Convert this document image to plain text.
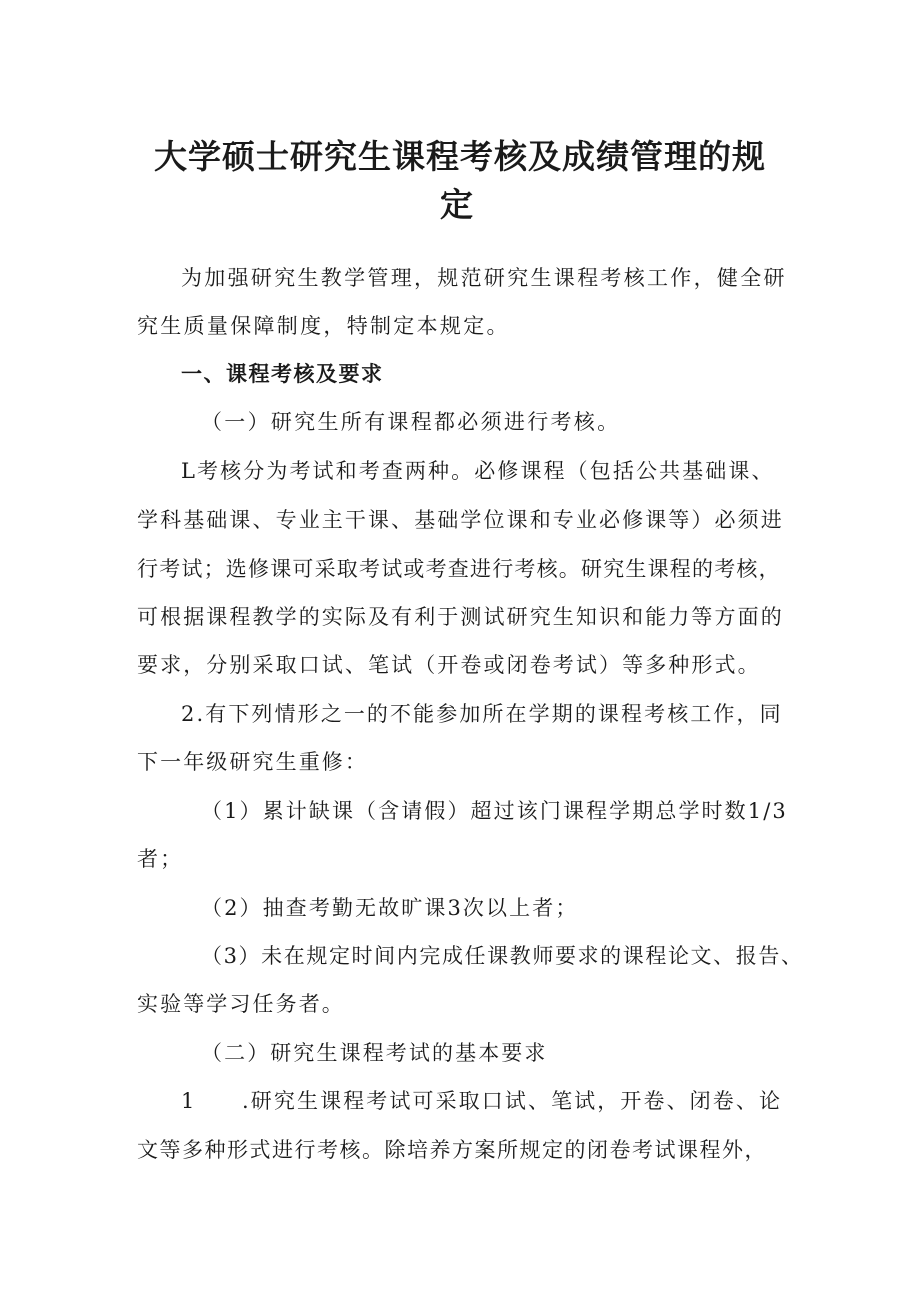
大学硕士研究生课程考核及成绩管理的规
定

为加强研究生教学管理，规范研究生课程考核工作，健全研

究生质量保障制度，特制定本规定。

一、课程考核及要求

（一）研究生所有课程都必须进行考核。

L考核分为考试和考查两种。必修课程（包括公共基础课、

学科基础课、专业主干课、基础学位课和专业必修课等）必须进

行考试；选修课可采取考试或考查进行考核。研究生课程的考核，

可根据课程教学的实际及有利于测试研究生知识和能力等方面的

要求，分别采取口试、笔试（开卷或闭卷考试）等多种形式。

2.有下列情形之一的不能参加所在学期的课程考核工作，同

下一年级研究生重修：

（1）累计缺课（含请假）超过该门课程学期总学时数1/3

者；

（2）抽查考勤无故旷课3次以上者；

（3）未在规定时间内完成任课教师要求的课程论文、报告、

实验等学习任务者。

（二）研究生课程考试的基本要求

1 .研究生课程考试可采取口试、笔试，开卷、闭卷、论

文等多种形式进行考核。除培养方案所规定的闭卷考试课程外，
